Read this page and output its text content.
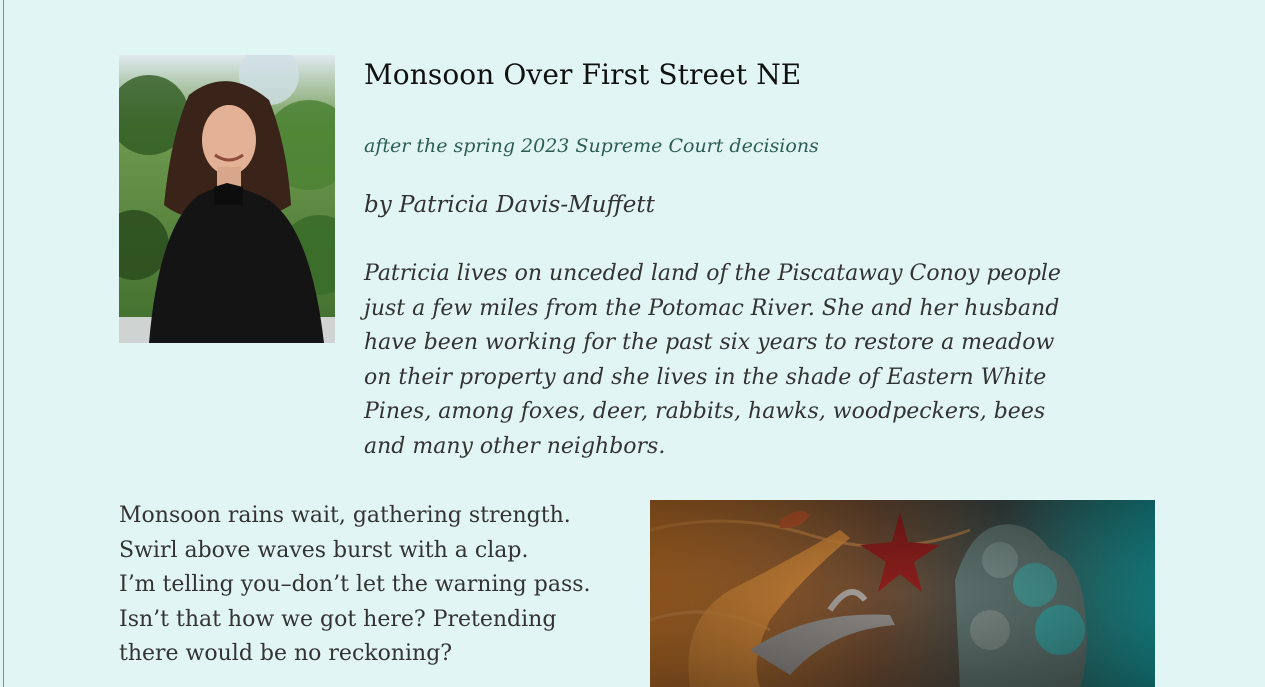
Monsoon Over First Street NE

after the spring 2023 Supreme Court decisions

by Patricia Davis-Muffett

Patricia lives on unceded land of the Piscataway Conoy people
just a few miles from the Potomac River. She and her husband
have been working for the past six years to restore a meadow
on their property and she lives in the shade of Eastern White
Pines, among foxes, deer, rabbits, hawks, woodpeckers, bees
and many other neighbors.
Monsoon rains wait, gathering strength.
Swirl above waves burst with a clap.
I’m telling you–don’t let the warning pass.
Isn’t that how we got here? Pretending
there would be no reckoning?
